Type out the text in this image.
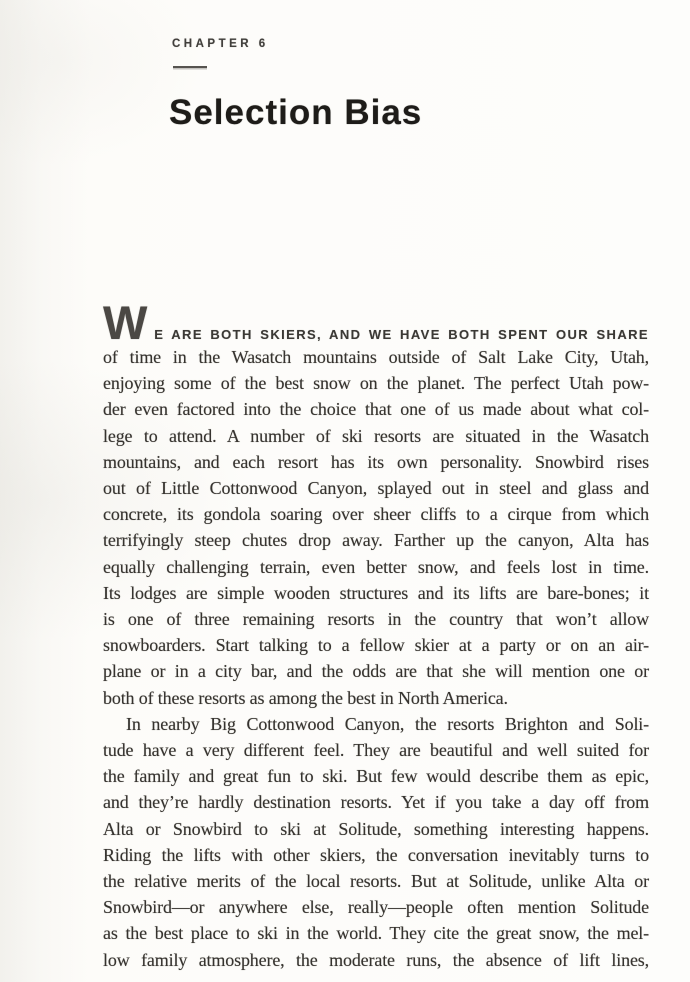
CHAPTER 6
Selection Bias
W E ARE BOTH SKIERS, AND WE HAVE BOTH SPENT OUR SHARE
of time in the Wasatch mountains outside of Salt Lake City, Utah,
enjoying some of the best snow on the planet. The perfect Utah pow-
der even factored into the choice that one of us made about what col-
lege to attend. A number of ski resorts are situated in the Wasatch
mountains, and each resort has its own personality. Snowbird rises
out of Little Cottonwood Canyon, splayed out in steel and glass and
concrete, its gondola soaring over sheer cliffs to a cirque from which
terrifyingly steep chutes drop away. Farther up the canyon, Alta has
equally challenging terrain, even better snow, and feels lost in time.
Its lodges are simple wooden structures and its lifts are bare-bones; it
is one of three remaining resorts in the country that won’t allow
snowboarders. Start talking to a fellow skier at a party or on an air-
plane or in a city bar, and the odds are that she will mention one or
both of these resorts as among the best in North America.
In nearby Big Cottonwood Canyon, the resorts Brighton and Soli-
tude have a very different feel. They are beautiful and well suited for
the family and great fun to ski. But few would describe them as epic,
and they’re hardly destination resorts. Yet if you take a day off from
Alta or Snowbird to ski at Solitude, something interesting happens.
Riding the lifts with other skiers, the conversation inevitably turns to
the relative merits of the local resorts. But at Solitude, unlike Alta or
Snowbird—or anywhere else, really—people often mention Solitude
as the best place to ski in the world. They cite the great snow, the mel-
low family atmosphere, the moderate runs, the absence of lift lines,
